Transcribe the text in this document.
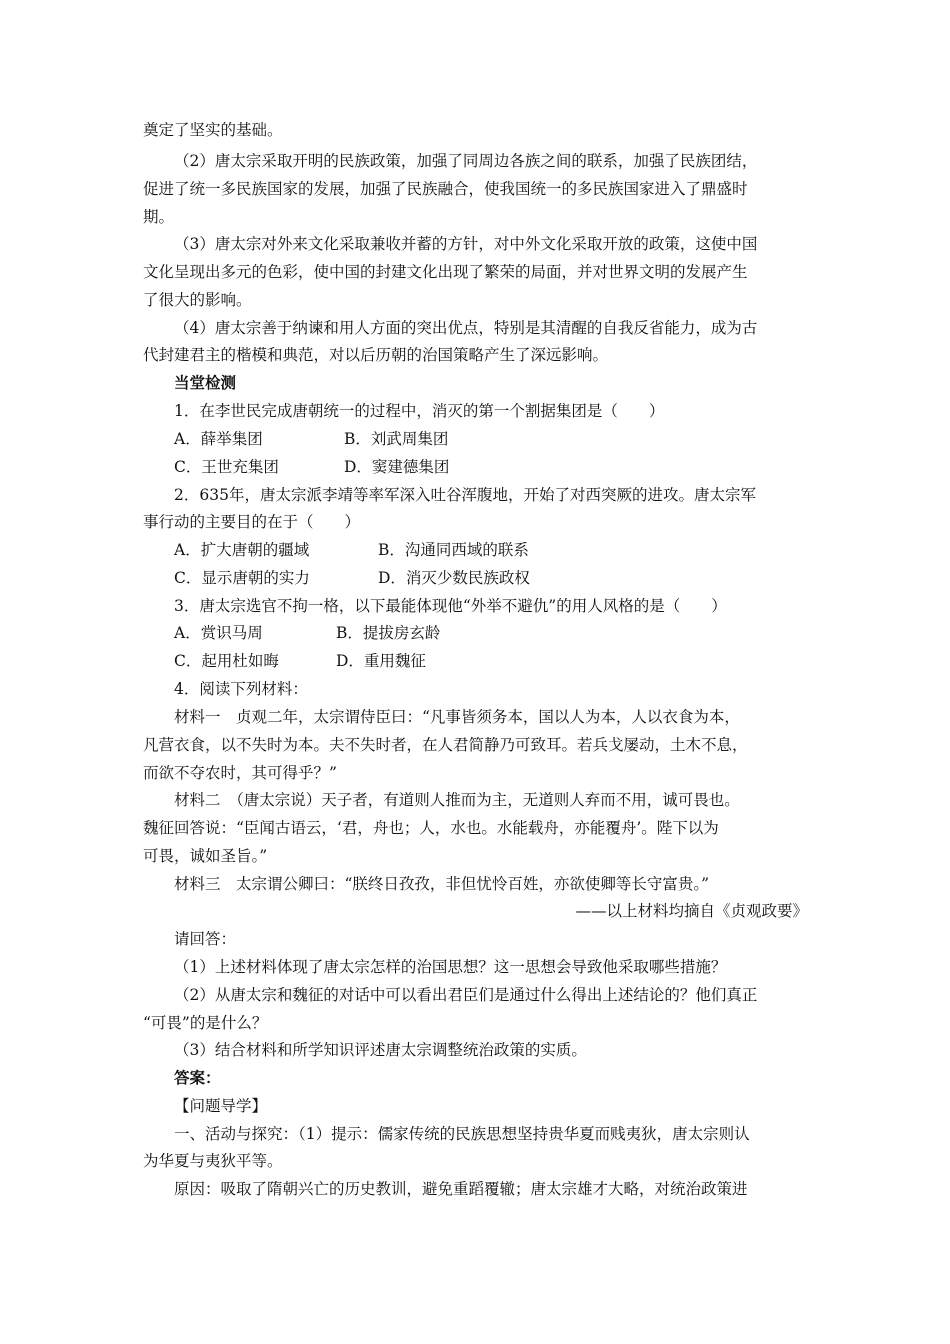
奠定了坚实的基础。
（2）唐太宗采取开明的民族政策，加强了同周边各族之间的联系，加强了民族团结，
促进了统一多民族国家的发展，加强了民族融合，使我国统一的多民族国家进入了鼎盛时
期。
（3）唐太宗对外来文化采取兼收并蓄的方针，对中外文化采取开放的政策，这使中国
文化呈现出多元的色彩，使中国的封建文化出现了繁荣的局面，并对世界文明的发展产生
了很大的影响。
（4）唐太宗善于纳谏和用人方面的突出优点，特别是其清醒的自我反省能力，成为古
代封建君主的楷模和典范，对以后历朝的治国策略产生了深远影响。
当堂检测
1．在李世民完成唐朝统一的过程中，消灭的第一个割据集团是（　　）
A．薛举集团	B．刘武周集团
C．王世充集团	D．窦建德集团
2．635年，唐太宗派李靖等率军深入吐谷浑腹地，开始了对西突厥的进攻。唐太宗军
事行动的主要目的在于（　　）
A．扩大唐朝的疆域	B．沟通同西域的联系
C．显示唐朝的实力	D．消灭少数民族政权
3．唐太宗选官不拘一格，以下最能体现他“外举不避仇”的用人风格的是（　　）
A．赏识马周	B．提拔房玄龄
C．起用杜如晦	D．重用魏征
4．阅读下列材料：
材料一　贞观二年，太宗谓侍臣曰：“凡事皆须务本，国以人为本，人以衣食为本，
凡营衣食，以不失时为本。夫不失时者，在人君简静乃可致耳。若兵戈屡动，土木不息，
而欲不夺农时，其可得乎？”
材料二　（唐太宗说）天子者，有道则人推而为主，无道则人弃而不用，诚可畏也。
魏征回答说：“臣闻古语云，‘君，舟也；人，水也。水能载舟，亦能覆舟’。陛下以为
可畏，诚如圣旨。”
材料三　太宗谓公卿曰：“朕终日孜孜，非但忧怜百姓，亦欲使卿等长守富贵。”
——以上材料均摘自《贞观政要》
请回答：
（1）上述材料体现了唐太宗怎样的治国思想？这一思想会导致他采取哪些措施？
（2）从唐太宗和魏征的对话中可以看出君臣们是通过什么得出上述结论的？他们真正
“可畏”的是什么？
（3）结合材料和所学知识评述唐太宗调整统治政策的实质。
答案：
【问题导学】
一、活动与探究：（1）提示：儒家传统的民族思想坚持贵华夏而贱夷狄，唐太宗则认
为华夏与夷狄平等。
原因：吸取了隋朝兴亡的历史教训，避免重蹈覆辙；唐太宗雄才大略，对统治政策进
